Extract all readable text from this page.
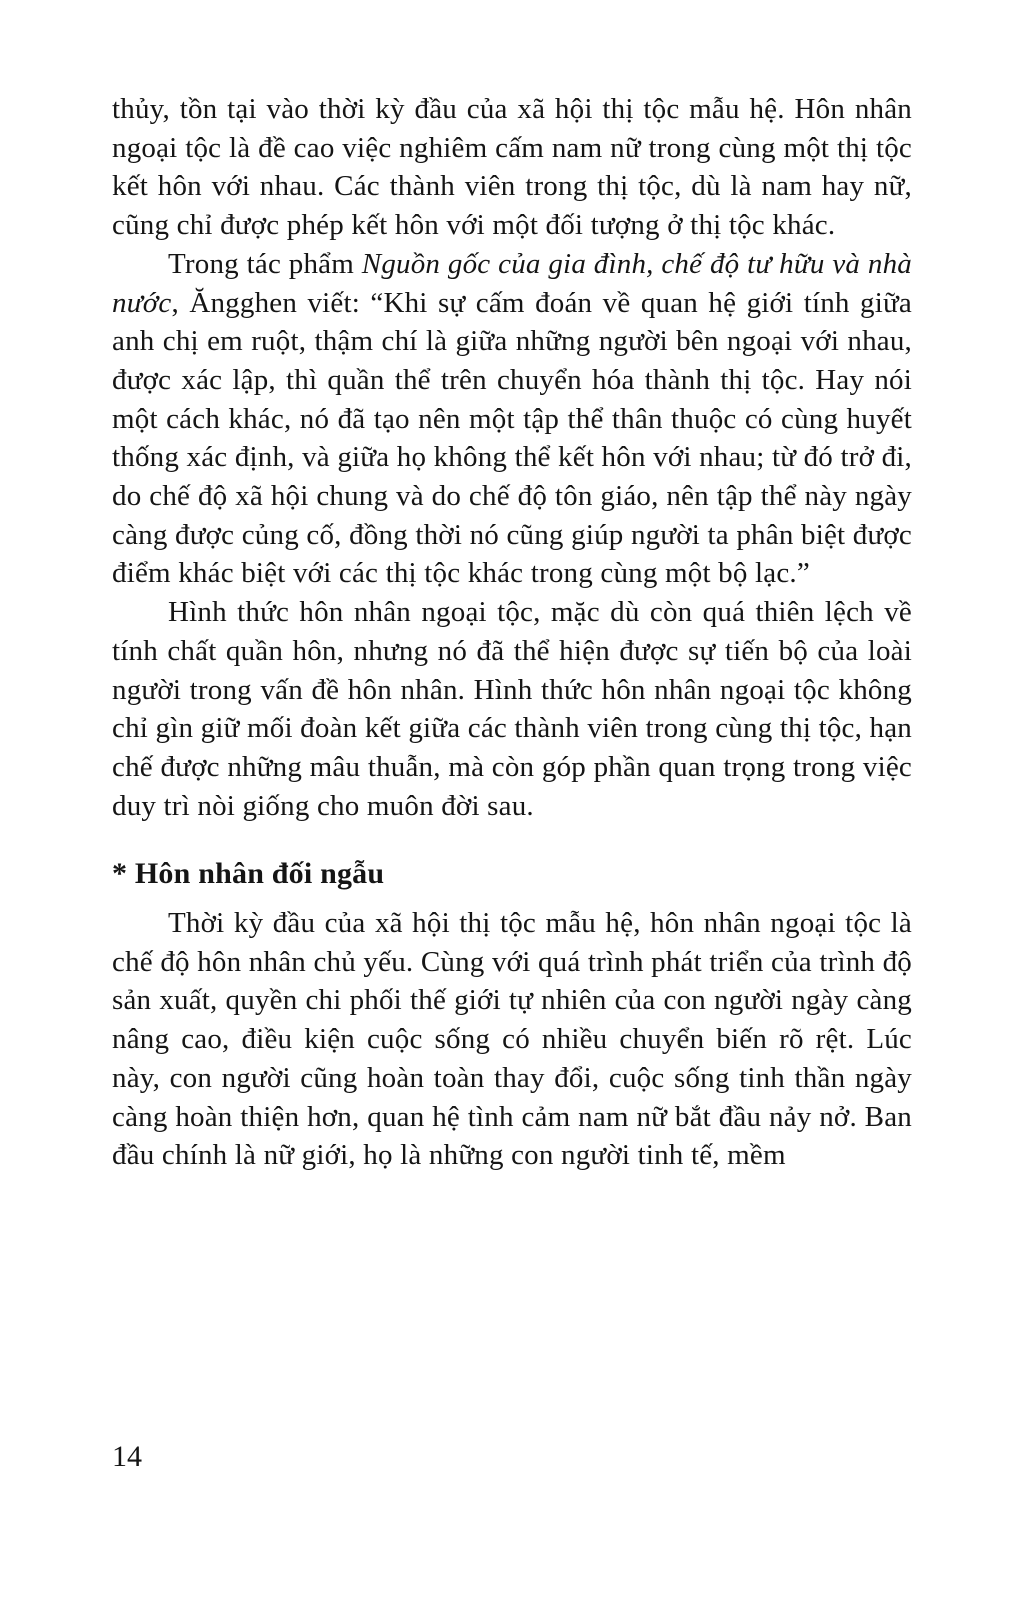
thủy, tồn tại vào thời kỳ đầu của xã hội thị tộc mẫu hệ. Hôn nhân ngoại tộc là đề cao việc nghiêm cấm nam nữ trong cùng một thị tộc kết hôn với nhau. Các thành viên trong thị tộc, dù là nam hay nữ, cũng chỉ được phép kết hôn với một đối tượng ở thị tộc khác.

Trong tác phẩm Nguồn gốc của gia đình, chế độ tư hữu và nhà nước, Ăngghen viết: “Khi sự cấm đoán về quan hệ giới tính giữa anh chị em ruột, thậm chí là giữa những người bên ngoại với nhau, được xác lập, thì quần thể trên chuyển hóa thành thị tộc. Hay nói một cách khác, nó đã tạo nên một tập thể thân thuộc có cùng huyết thống xác định, và giữa họ không thể kết hôn với nhau; từ đó trở đi, do chế độ xã hội chung và do chế độ tôn giáo, nên tập thể này ngày càng được củng cố, đồng thời nó cũng giúp người ta phân biệt được điểm khác biệt với các thị tộc khác trong cùng một bộ lạc.”

Hình thức hôn nhân ngoại tộc, mặc dù còn quá thiên lệch về tính chất quần hôn, nhưng nó đã thể hiện được sự tiến bộ của loài người trong vấn đề hôn nhân. Hình thức hôn nhân ngoại tộc không chỉ gìn giữ mối đoàn kết giữa các thành viên trong cùng thị tộc, hạn chế được những mâu thuẫn, mà còn góp phần quan trọng trong việc duy trì nòi giống cho muôn đời sau.

* Hôn nhân đối ngẫu

Thời kỳ đầu của xã hội thị tộc mẫu hệ, hôn nhân ngoại tộc là chế độ hôn nhân chủ yếu. Cùng với quá trình phát triển của trình độ sản xuất, quyền chi phối thế giới tự nhiên của con người ngày càng nâng cao, điều kiện cuộc sống có nhiều chuyển biến rõ rệt. Lúc này, con người cũng hoàn toàn thay đổi, cuộc sống tinh thần ngày càng hoàn thiện hơn, quan hệ tình cảm nam nữ bắt đầu nảy nở. Ban đầu chính là nữ giới, họ là những con người tinh tế, mềm

14
